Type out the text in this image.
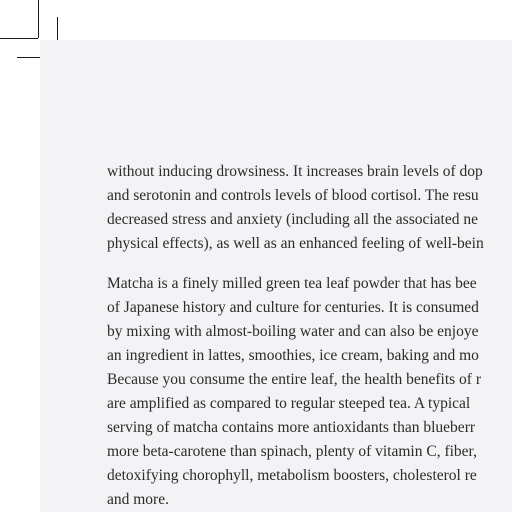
without inducing drowsiness. It increases brain levels of dop
and serotonin and controls levels of blood cortisol. The resu
decreased stress and anxiety (including all the associated ne
physical effects), as well as an enhanced feeling of well-bein

Matcha is a finely milled green tea leaf powder that has bee
of Japanese history and culture for centuries. It is consumed
by mixing with almost-boiling water and can also be enjoye
an ingredient in lattes, smoothies, ice cream, baking and mo
Because you consume the entire leaf, the health benefits of r
are amplified as compared to regular steeped tea. A typical
serving of matcha contains more antioxidants than blueberr
more beta-carotene than spinach, plenty of vitamin C, fiber,
detoxifying chorophyll, metabolism boosters, cholesterol re
and more.
